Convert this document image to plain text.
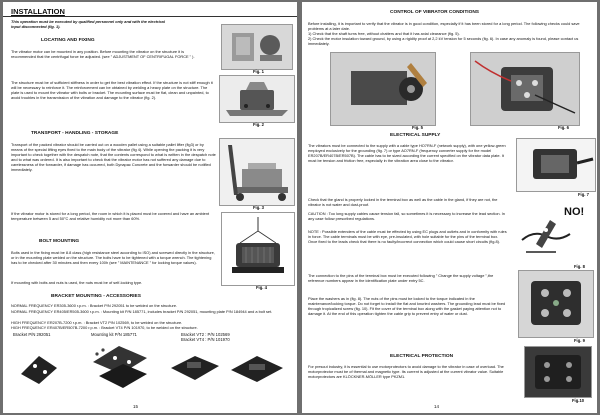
INSTALLATION

This operation must be executed by qualified personnel only and with the electrical input disconnected (fig. 1).

LOCATING AND FIXING

The vibrator motor can be mounted in any position. Before mounting the vibrator on the structure it is recommended that the centrifugal force be adjusted. (see " ADJUSTMENT OF CENTRIFUGAL FORCE " ).

The structure must be of sufficient stiffness in order to get the best vibration effect. If the structure is not stiff enough it will be necessary to reinforce it. The reinforcement can be obtained by welding a heavy plate on the structure. The plate is used to mount the vibrator with bolts or bracket. The mounting surface must be flat, clean and unpainted, to avoid troubles in the transmission of the vibration and damage to the vibrator (fig. 2).

Fig. 1
Fig. 2
TRANSPORT - HANDLING - STORAGE

Transport of the packed vibrator should be carried out on a wooden pallet using a suitable pallet lifter (fig3) or by means of the special lifting eyes fixed to the main body of the vibrator (fig 4). While opening the packing it is very important to check together with the despatch note, that the contents correspond to what is written in the despatch note and to what was ordered. It is also important to check that the vibrator motor has not suffered any damage due to carelessness of the forwarder, if damage has occurred, both Dynapac Concrete and the forwarder should be notified immediately.

Fig. 3

If the vibrator motor is stored for a long period, the room in which it is placed must be covered and have an ambient temperature between 5 and 50°C and relative humidity not more than 60%.

BOLT MOUNTING

Bolts used in the fixing must be 8.8 class (high resistance steel according to ISO) and screwed directly in the structure, or in the mounting plate welded on the structure. The bolts have to be tightened with a torque wrench. The tightening has to be checked after 30 minutes and then every 100h (see " MAINTENANCE " for locking torque values).

If mounting with bolts and nuts is used, the nuts must be of self-locking type.

Fig. 4
BRACKET MOUNTING - ACCESSORIES

NORMAL FREQUENCY ER305-3600 r.p.m. : Bracket P/N 292051 to be welded on the structure.

NORMAL FREQUENCY ER405/ER505-3600 r.p.m. : Mounting kit P/N 185771, includes bracket P/N 292051, mounting plate P/N 184944 and a bolt set.

HIGH FREQUENCY ER207B-7200 r.p.m. : Bracket VT2 P/N 102569, to be welded on the structure.

HIGH FREQUENCY ER407B/ER507B-7200 r.p.m. : Bracket VT4 P/N 101970, to be welded on the structure.

Bracket P/N 292051	Mounting kit P/N 185771	Bracket VT2 : P/N 102569
Bracket VT4 : P/N 101970
15
CONTROL OF VIBRATOR CONDITIONS

Before installing, it is important to verify that the vibrator is in good condition, especially if it has been stored for a long period. The following checks could save problems at a later date.

1) Check that the shaft turns free, without chatters and that it has axial clearance (fig. 5).

2) Check the motor insulation toward ground, by using a rigidity proof at 2,2 kV tension for 5 seconds (fig. 6). In case any anomaly is found, please contact us immediately.

Fig. 5	Fig. 6
ELECTRICAL SUPPLY

The vibrators must be connected to the supply with a cable type HO7RN-F (network supply), with one yellow-green employed exclusively for the grounding (fig. 7) or type AO7RN-F (frequency converter supply for the model ER207B/ER407B/ER507B). The cable has to be sized according the current specified on the vibrator data plate. It must be tension and friction free, especially in the vibration area close to the vibrator.

Fig. 7

Check that the gland is properly locked in the terminal box as well as the cable in the gland, if they are not, the vibrator is not water and dust-proof.

CAUTION : Too long supply cables cause tension fall, so sometimes it is necessary to increase the lead section. In any case follow prescribed regulations.

NOTE : Possible extenders of the cable must be effected by using EC plugs and outlets and in conformity with rules in force. The cable terminals must be with eye, pre-insulated, with hole suitable for the pins of the terminal box. Once fixed to the leads check that there is no faulty/incorrect connection which could cause short circuits (fig.8).

NO!
Fig. 8

The connection to the pins of the terminal box must be executed following " Change the supply voltage ",the reference numbers appear in the identification plate under entry 5C.

Place the washers as in (fig. 8). The nuts of the pins must be locked to the torque indicated in the maintenance/locking torque. Do not forget to install the flat and knurled washers. The grounding lead must be fixed through tropicalized screw (fig. 10). Fit the cover of the terminal box along with the gasket paying attention not to damage it. At the end of this operation tighten the cable grip to prevent entry of water or dust.

Fig. 9
ELECTRICAL PROTECTION

For prescut industry, it is essential to use motorprotectors to avoid damage to the vibrator in case of overload. The motorprotector must be of thermal and magnetic type. Its current is adjusted at the current vibrator value. Suitable motorprotectors are KLÖCKNER-MÖLLER type PKZM1.

Fig.10
14
